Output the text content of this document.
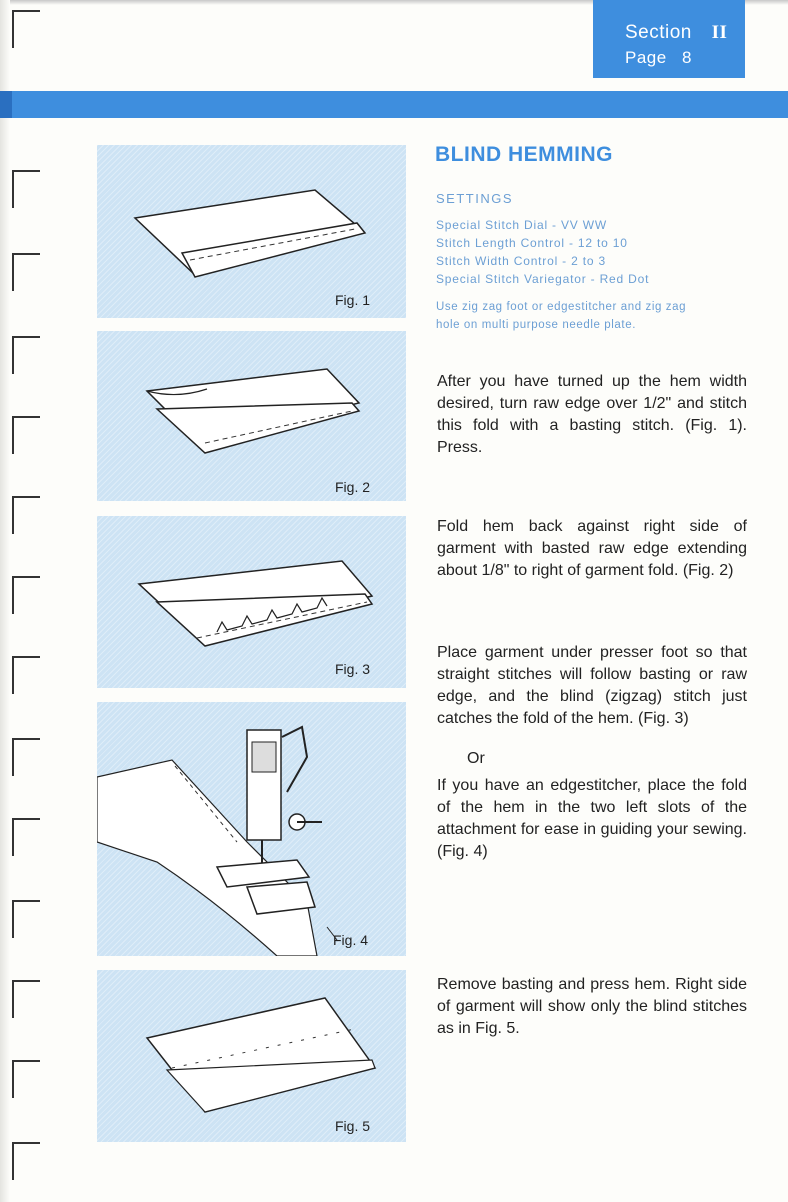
Section II
Page 8
Fig. 1
Fig. 2
Fig. 3
Fig. 4
Fig. 5
BLIND HEMMING
SETTINGS
Special Stitch Dial - VV WW
Stitch Length Control - 12 to 10
Stitch Width Control - 2 to 3
Special Stitch Variegator - Red Dot
Use zig zag foot or edgestitcher and zig zag
hole on multi purpose needle plate.
After you have turned up the hem width desired, turn raw edge over 1/2" and stitch this fold with a basting stitch. (Fig. 1). Press.
Fold hem back against right side of garment with basted raw edge extending about 1/8" to right of garment fold. (Fig. 2)
Place garment under presser foot so that straight stitches will follow basting or raw edge, and the blind (zigzag) stitch just catches the fold of the hem. (Fig. 3)
Or
If you have an edgestitcher, place the fold of the hem in the two left slots of the attachment for ease in guiding your sewing. (Fig. 4)
Remove basting and press hem. Right side of garment will show only the blind stitches as in Fig. 5.
